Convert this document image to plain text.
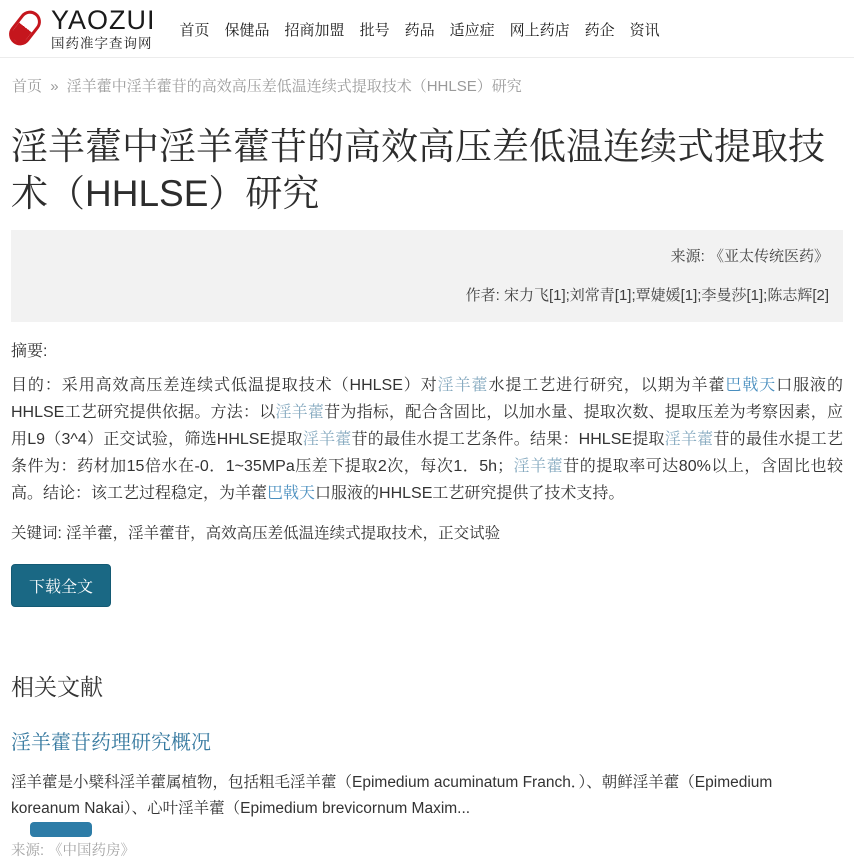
YAOZUI
国药准字查询网
首页 保健品 招商加盟 批号 药品 适应症 网上药店 药企 资讯
首页 » 淫羊藿中淫羊藿苷的高效高压差低温连续式提取技术（HHLSE）研究
淫羊藿中淫羊藿苷的高效高压差低温连续式提取技术（HHLSE）研究
来源: 《亚太传统医药》
作者: 宋力飞[1];刘常青[1];覃婕媛[1];李曼莎[1];陈志辉[2]
摘要:

目的：采用高效高压差连续式低温提取技术（HHLSE）对淫羊藿水提工艺进行研究，以期为羊藿巴戟天口服液的HHLSE工艺研究提供依据。方法：以淫羊藿苷为指标，配合含固比，以加水量、提取次数、提取压差为考察因素，应用L9（3^4）正交试验，筛选HHLSE提取淫羊藿苷的最佳水提工艺条件。结果：HHLSE提取淫羊藿苷的最佳水提工艺条件为：药材加15倍水在-0．1~35MPa压差下提取2次，每次1．5h；淫羊藿苷的提取率可达80%以上，含固比也较高。结论：该工艺过程稳定，为羊藿巴戟天口服液的HHLSE工艺研究提供了技术支持。

关键词: 淫羊藿，淫羊藿苷，高效高压差低温连续式提取技术，正交试验
下载全文
相关文献
淫羊藿苷药理研究概况

淫羊藿是小檗科淫羊藿属植物，包括粗毛淫羊藿（Epimedium acuminatum Franch．）、朝鲜淫羊藿（Epimedium koreanum Nakai）、心叶淫羊藿（Epimedium brevicornum Maxim...

来源: 《中国药房》
